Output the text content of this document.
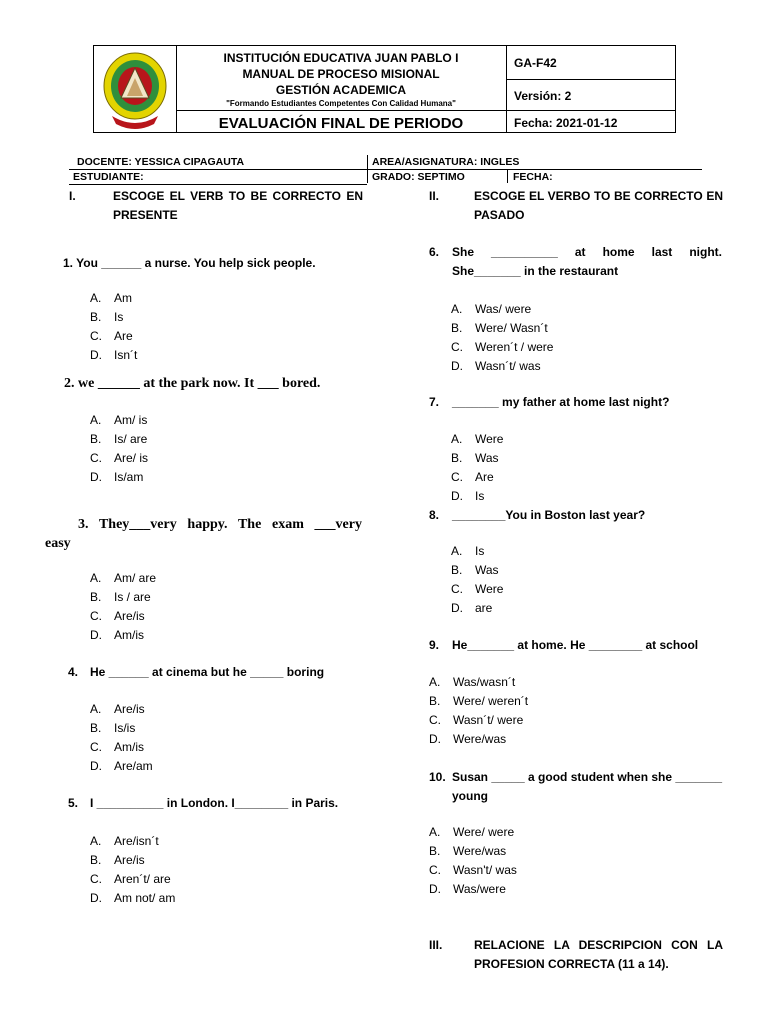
INSTITUCIÓN EDUCATIVA JUAN PABLO I
MANUAL DE PROCESO MISIONAL
GESTIÓN ACADEMICA
"Formando Estudiantes Competentes Con Calidad Humana"
EVALUACIÓN FINAL DE PERIODO
GA-F42
Versión: 2
Fecha: 2021-01-12
DOCENTE: YESSICA CIPAGAUTA	AREA/ASIGNATURA: INGLES
ESTUDIANTE:	GRADO: SEPTIMO	FECHA:
I.	ESCOGE EL VERB TO BE CORRECTO EN
PRESENTE
1. You ______ a nurse. You help sick people.
A.	Am
B.	Is
C.	Are
D.	Isn´t
2. we ______ at the park now. It ___ bored.
A.	Am/ is
B.	Is/ are
C.	Are/ is
D.	Is/am
3. They___very happy. The exam ___very
easy
A.	Am/ are
B.	Is / are
C.	Are/is
D.	Am/is
4. He ______ at cinema but he _____ boring
A.	Are/is
B.	Is/is
C.	Am/is
D.	Are/am
5. I __________ in London. I________ in Paris.
A.	Are/isn´t
B.	Are/is
C.	Aren´t/ are
D.	Am not/ am
II.	ESCOGE EL VERBO TO BE CORRECTO EN
PASADO
6. She __________ at home last night.
She_______ in the restaurant
A.	Was/ were
B.	Were/ Wasn´t
C.	Weren´t / were
D.	Wasn´t/ was
7. _______ my father at home last night?
A.	Were
B.	Was
C.	Are
D.	Is
8. ________You in Boston last year?
A.	Is
B.	Was
C.	Were
D.	are
9. He_______ at home. He ________ at school
A.	Was/wasn´t
B.	Were/ weren´t
C.	Wasn´t/ were
D.	Were/was
10. Susan _____ a good student when she _______
young
A.	Were/ were
B.	Were/was
C.	Wasn't/ was
D.	Was/were
III.	RELACIONE LA DESCRIPCION CON LA
PROFESION CORRECTA (11 a 14).
